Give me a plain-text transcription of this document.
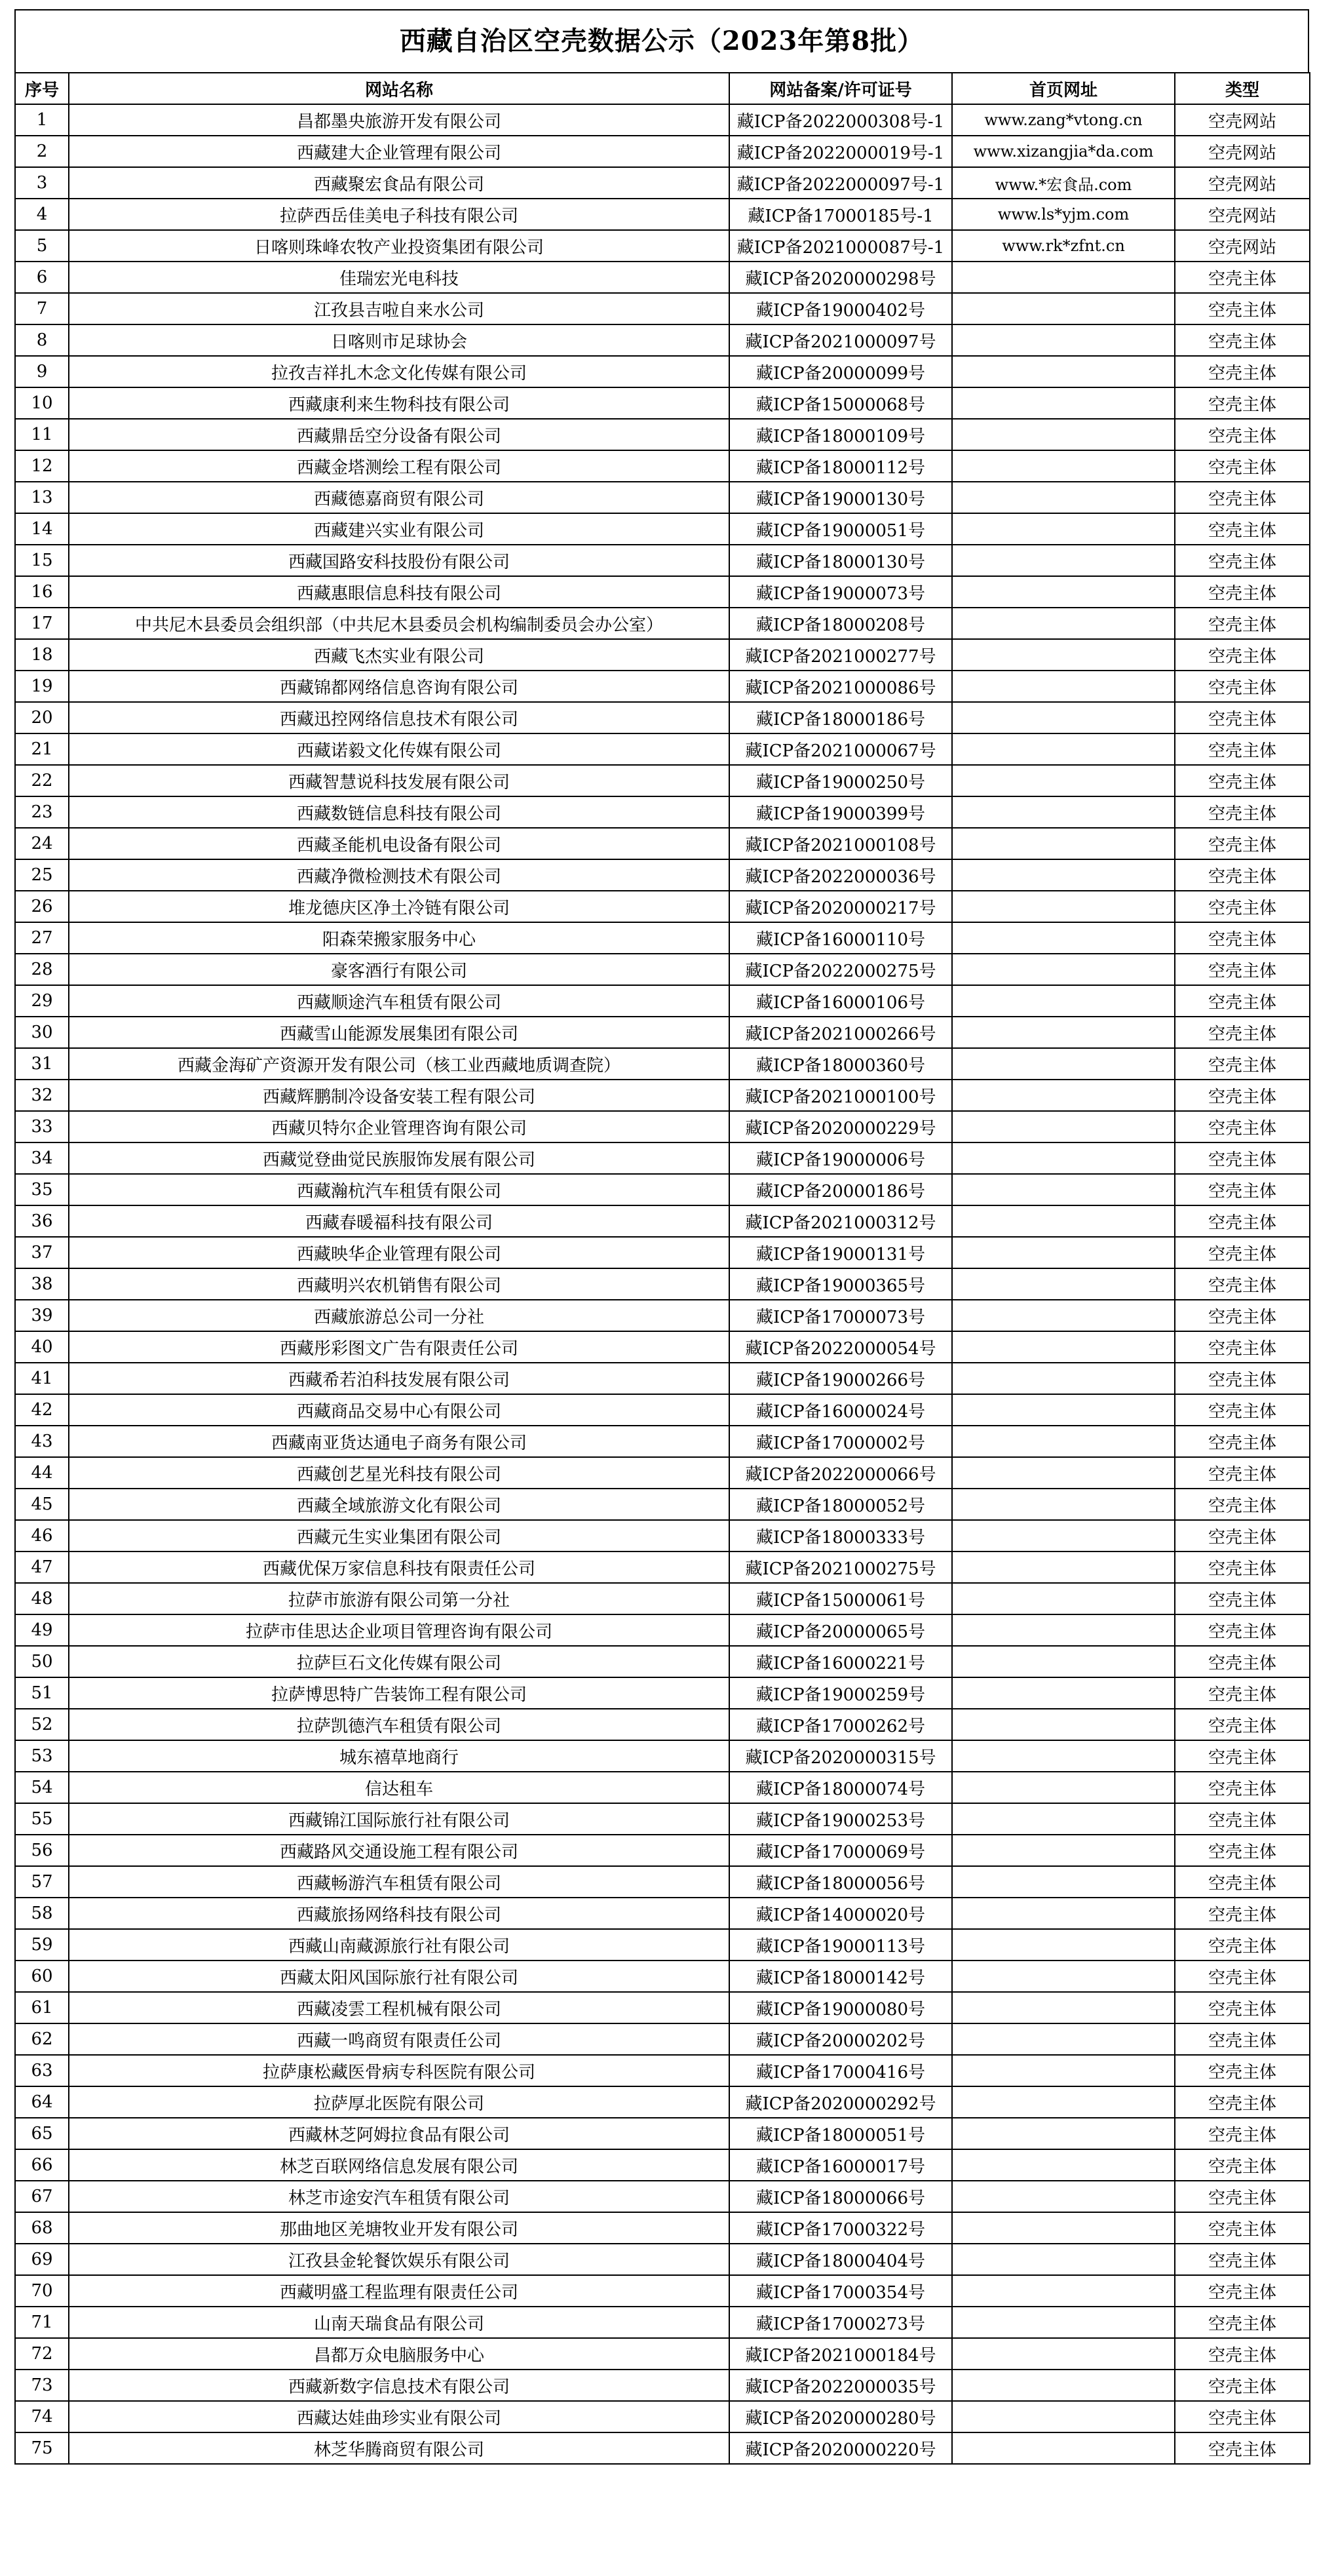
西藏自治区空壳数据公示（2023年第8批）
序号	网站名称	网站备案/许可证号	首页网址	类型
1	昌都墨央旅游开发有限公司	藏ICP备2022000308号-1	www.zang*vtong.cn	空壳网站
2	西藏建大企业管理有限公司	藏ICP备2022000019号-1	www.xizangjia*da.com	空壳网站
3	西藏聚宏食品有限公司	藏ICP备2022000097号-1	www.*宏食品.com	空壳网站
4	拉萨西岳佳美电子科技有限公司	藏ICP备17000185号-1	www.ls*yjm.com	空壳网站
5	日喀则珠峰农牧产业投资集团有限公司	藏ICP备2021000087号-1	www.rk*zfnt.cn	空壳网站
6	佳瑞宏光电科技	藏ICP备2020000298号		空壳主体
7	江孜县吉啦自来水公司	藏ICP备19000402号		空壳主体
8	日喀则市足球协会	藏ICP备2021000097号		空壳主体
9	拉孜吉祥扎木念文化传媒有限公司	藏ICP备20000099号		空壳主体
10	西藏康利来生物科技有限公司	藏ICP备15000068号		空壳主体
11	西藏鼎岳空分设备有限公司	藏ICP备18000109号		空壳主体
12	西藏金塔测绘工程有限公司	藏ICP备18000112号		空壳主体
13	西藏德嘉商贸有限公司	藏ICP备19000130号		空壳主体
14	西藏建兴实业有限公司	藏ICP备19000051号		空壳主体
15	西藏国路安科技股份有限公司	藏ICP备18000130号		空壳主体
16	西藏惠眼信息科技有限公司	藏ICP备19000073号		空壳主体
17	中共尼木县委员会组织部（中共尼木县委员会机构编制委员会办公室）	藏ICP备18000208号		空壳主体
18	西藏飞杰实业有限公司	藏ICP备2021000277号		空壳主体
19	西藏锦都网络信息咨询有限公司	藏ICP备2021000086号		空壳主体
20	西藏迅控网络信息技术有限公司	藏ICP备18000186号		空壳主体
21	西藏诺毅文化传媒有限公司	藏ICP备2021000067号		空壳主体
22	西藏智慧说科技发展有限公司	藏ICP备19000250号		空壳主体
23	西藏数链信息科技有限公司	藏ICP备19000399号		空壳主体
24	西藏圣能机电设备有限公司	藏ICP备2021000108号		空壳主体
25	西藏净微检测技术有限公司	藏ICP备2022000036号		空壳主体
26	堆龙德庆区净土冷链有限公司	藏ICP备2020000217号		空壳主体
27	阳森荣搬家服务中心	藏ICP备16000110号		空壳主体
28	豪客酒行有限公司	藏ICP备2022000275号		空壳主体
29	西藏顺途汽车租赁有限公司	藏ICP备16000106号		空壳主体
30	西藏雪山能源发展集团有限公司	藏ICP备2021000266号		空壳主体
31	西藏金海矿产资源开发有限公司（核工业西藏地质调查院）	藏ICP备18000360号		空壳主体
32	西藏辉鹏制冷设备安装工程有限公司	藏ICP备2021000100号		空壳主体
33	西藏贝特尔企业管理咨询有限公司	藏ICP备2020000229号		空壳主体
34	西藏觉登曲觉民族服饰发展有限公司	藏ICP备19000006号		空壳主体
35	西藏瀚杭汽车租赁有限公司	藏ICP备20000186号		空壳主体
36	西藏春暖福科技有限公司	藏ICP备2021000312号		空壳主体
37	西藏映华企业管理有限公司	藏ICP备19000131号		空壳主体
38	西藏明兴农机销售有限公司	藏ICP备19000365号		空壳主体
39	西藏旅游总公司一分社	藏ICP备17000073号		空壳主体
40	西藏彤彩图文广告有限责任公司	藏ICP备2022000054号		空壳主体
41	西藏希若泊科技发展有限公司	藏ICP备19000266号		空壳主体
42	西藏商品交易中心有限公司	藏ICP备16000024号		空壳主体
43	西藏南亚货达通电子商务有限公司	藏ICP备17000002号		空壳主体
44	西藏创艺星光科技有限公司	藏ICP备2022000066号		空壳主体
45	西藏全域旅游文化有限公司	藏ICP备18000052号		空壳主体
46	西藏元生实业集团有限公司	藏ICP备18000333号		空壳主体
47	西藏优保万家信息科技有限责任公司	藏ICP备2021000275号		空壳主体
48	拉萨市旅游有限公司第一分社	藏ICP备15000061号		空壳主体
49	拉萨市佳思达企业项目管理咨询有限公司	藏ICP备20000065号		空壳主体
50	拉萨巨石文化传媒有限公司	藏ICP备16000221号		空壳主体
51	拉萨博思特广告装饰工程有限公司	藏ICP备19000259号		空壳主体
52	拉萨凯德汽车租赁有限公司	藏ICP备17000262号		空壳主体
53	城东禧草地商行	藏ICP备2020000315号		空壳主体
54	信达租车	藏ICP备18000074号		空壳主体
55	西藏锦江国际旅行社有限公司	藏ICP备19000253号		空壳主体
56	西藏路风交通设施工程有限公司	藏ICP备17000069号		空壳主体
57	西藏畅游汽车租赁有限公司	藏ICP备18000056号		空壳主体
58	西藏旅扬网络科技有限公司	藏ICP备14000020号		空壳主体
59	西藏山南藏源旅行社有限公司	藏ICP备19000113号		空壳主体
60	西藏太阳风国际旅行社有限公司	藏ICP备18000142号		空壳主体
61	西藏凌雲工程机械有限公司	藏ICP备19000080号		空壳主体
62	西藏一鸣商贸有限责任公司	藏ICP备20000202号		空壳主体
63	拉萨康松藏医骨病专科医院有限公司	藏ICP备17000416号		空壳主体
64	拉萨厚北医院有限公司	藏ICP备2020000292号		空壳主体
65	西藏林芝阿姆拉食品有限公司	藏ICP备18000051号		空壳主体
66	林芝百联网络信息发展有限公司	藏ICP备16000017号		空壳主体
67	林芝市途安汽车租赁有限公司	藏ICP备18000066号		空壳主体
68	那曲地区羌塘牧业开发有限公司	藏ICP备17000322号		空壳主体
69	江孜县金轮餐饮娱乐有限公司	藏ICP备18000404号		空壳主体
70	西藏明盛工程监理有限责任公司	藏ICP备17000354号		空壳主体
71	山南天瑞食品有限公司	藏ICP备17000273号		空壳主体
72	昌都万众电脑服务中心	藏ICP备2021000184号		空壳主体
73	西藏新数字信息技术有限公司	藏ICP备2022000035号		空壳主体
74	西藏达娃曲珍实业有限公司	藏ICP备2020000280号		空壳主体
75	林芝华腾商贸有限公司	藏ICP备2020000220号		空壳主体
